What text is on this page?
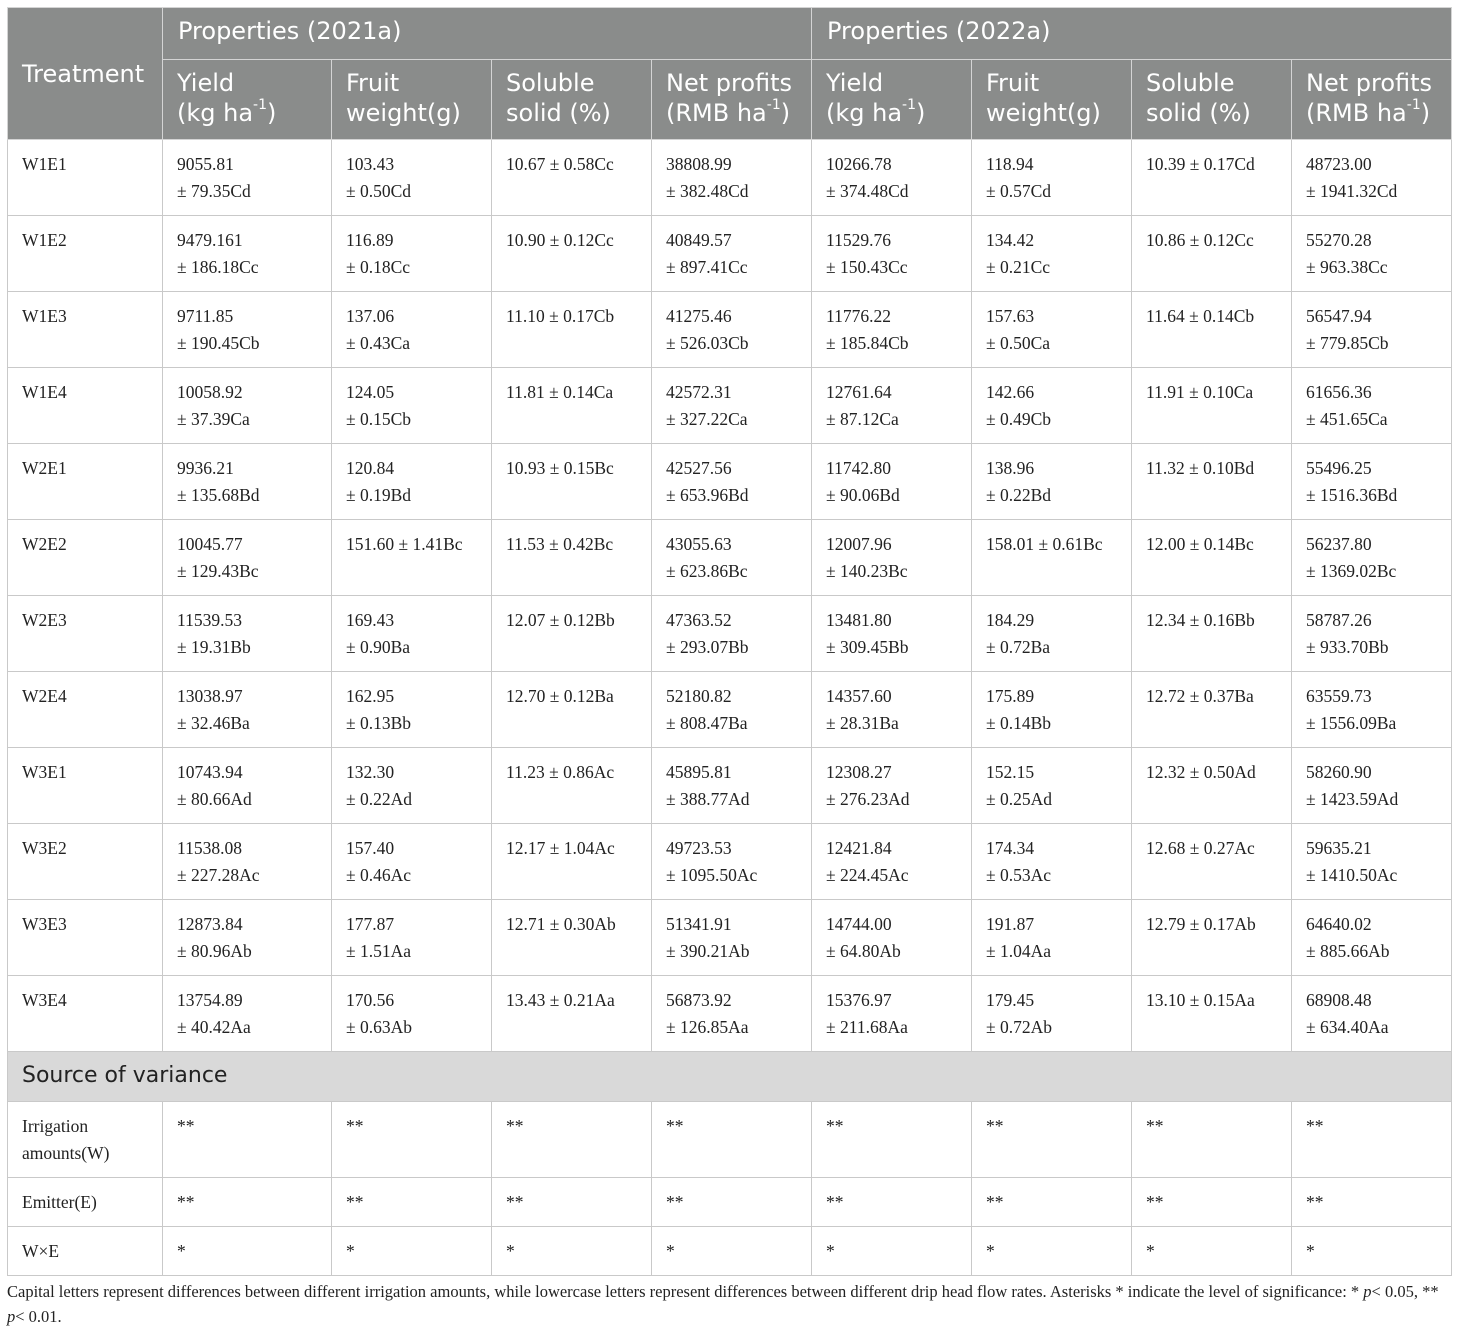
Treatment	Properties (2021a)				Properties (2022a)			
	Yield
(kg $ha^{-1}$)	Fruit
weight(g)	Soluble
solid (%)	Net profits
(RMB $ha^{-1}$)	Yield
(kg $ha^{-1}$)	Fruit
weight(g)	Soluble
solid (%)	Net profits
(RMB $ha^{-1}$)
W1E1	9055.81
± 79.35Cd	103.43
± 0.50Cd	10.67 ± 0.58Cc	38808.99
± 382.48Cd	10266.78
± 374.48Cd	118.94
± 0.57Cd	10.39 ± 0.17Cd	48723.00
± 1941.32Cd
W1E2	9479.161
± 186.18Cc	116.89
± 0.18Cc	10.90 ± 0.12Cc	40849.57
± 897.41Cc	11529.76
± 150.43Cc	134.42
± 0.21Cc	10.86 ± 0.12Cc	55270.28
± 963.38Cc
W1E3	9711.85
± 190.45Cb	137.06
± 0.43Ca	11.10 ± 0.17Cb	41275.46
± 526.03Cb	11776.22
± 185.84Cb	157.63
± 0.50Ca	11.64 ± 0.14Cb	56547.94
± 779.85Cb
W1E4	10058.92
± 37.39Ca	124.05
± 0.15Cb	11.81 ± 0.14Ca	42572.31
± 327.22Ca	12761.64
± 87.12Ca	142.66
± 0.49Cb	11.91 ± 0.10Ca	61656.36
± 451.65Ca
W2E1	9936.21
± 135.68Bd	120.84
± 0.19Bd	10.93 ± 0.15Bc	42527.56
± 653.96Bd	11742.80
± 90.06Bd	138.96
± 0.22Bd	11.32 ± 0.10Bd	55496.25
± 1516.36Bd
W2E2	10045.77
± 129.43Bc	151.60 ± 1.41Bc	11.53 ± 0.42Bc	43055.63
± 623.86Bc	12007.96
± 140.23Bc	158.01 ± 0.61Bc	12.00 ± 0.14Bc	56237.80
± 1369.02Bc
W2E3	11539.53
± 19.31Bb	169.43
± 0.90Ba	12.07 ± 0.12Bb	47363.52
± 293.07Bb	13481.80
± 309.45Bb	184.29
± 0.72Ba	12.34 ± 0.16Bb	58787.26
± 933.70Bb
W2E4	13038.97
± 32.46Ba	162.95
± 0.13Bb	12.70 ± 0.12Ba	52180.82
± 808.47Ba	14357.60
± 28.31Ba	175.89
± 0.14Bb	12.72 ± 0.37Ba	63559.73
± 1556.09Ba
W3E1	10743.94
± 80.66Ad	132.30
± 0.22Ad	11.23 ± 0.86Ac	45895.81
± 388.77Ad	12308.27
± 276.23Ad	152.15
± 0.25Ad	12.32 ± 0.50Ad	58260.90
± 1423.59Ad
W3E2	11538.08
± 227.28Ac	157.40
± 0.46Ac	12.17 ± 1.04Ac	49723.53
± 1095.50Ac	12421.84
± 224.45Ac	174.34
± 0.53Ac	12.68 ± 0.27Ac	59635.21
± 1410.50Ac
W3E3	12873.84
± 80.96Ab	177.87
± 1.51Aa	12.71 ± 0.30Ab	51341.91
± 390.21Ab	14744.00
± 64.80Ab	191.87
± 1.04Aa	12.79 ± 0.17Ab	64640.02
± 885.66Ab
W3E4	13754.89
± 40.42Aa	170.56
± 0.63Ab	13.43 ± 0.21Aa	56873.92
± 126.85Aa	15376.97
± 211.68Aa	179.45
± 0.72Ab	13.10 ± 0.15Aa	68908.48
± 634.40Aa
Source of variance								
Irrigation
amounts(W)	**	**	**	**	**	**	**	**
Emitter(E)	**	**	**	**	**	**	**	**
W×E	*	*	*	*	*	*	*	*
Capital letters represent differences between different irrigation amounts, while lowercase letters represent differences between different drip head flow rates. Asterisks * indicate the level of significance: * p< 0.05, ** p< 0.01.
